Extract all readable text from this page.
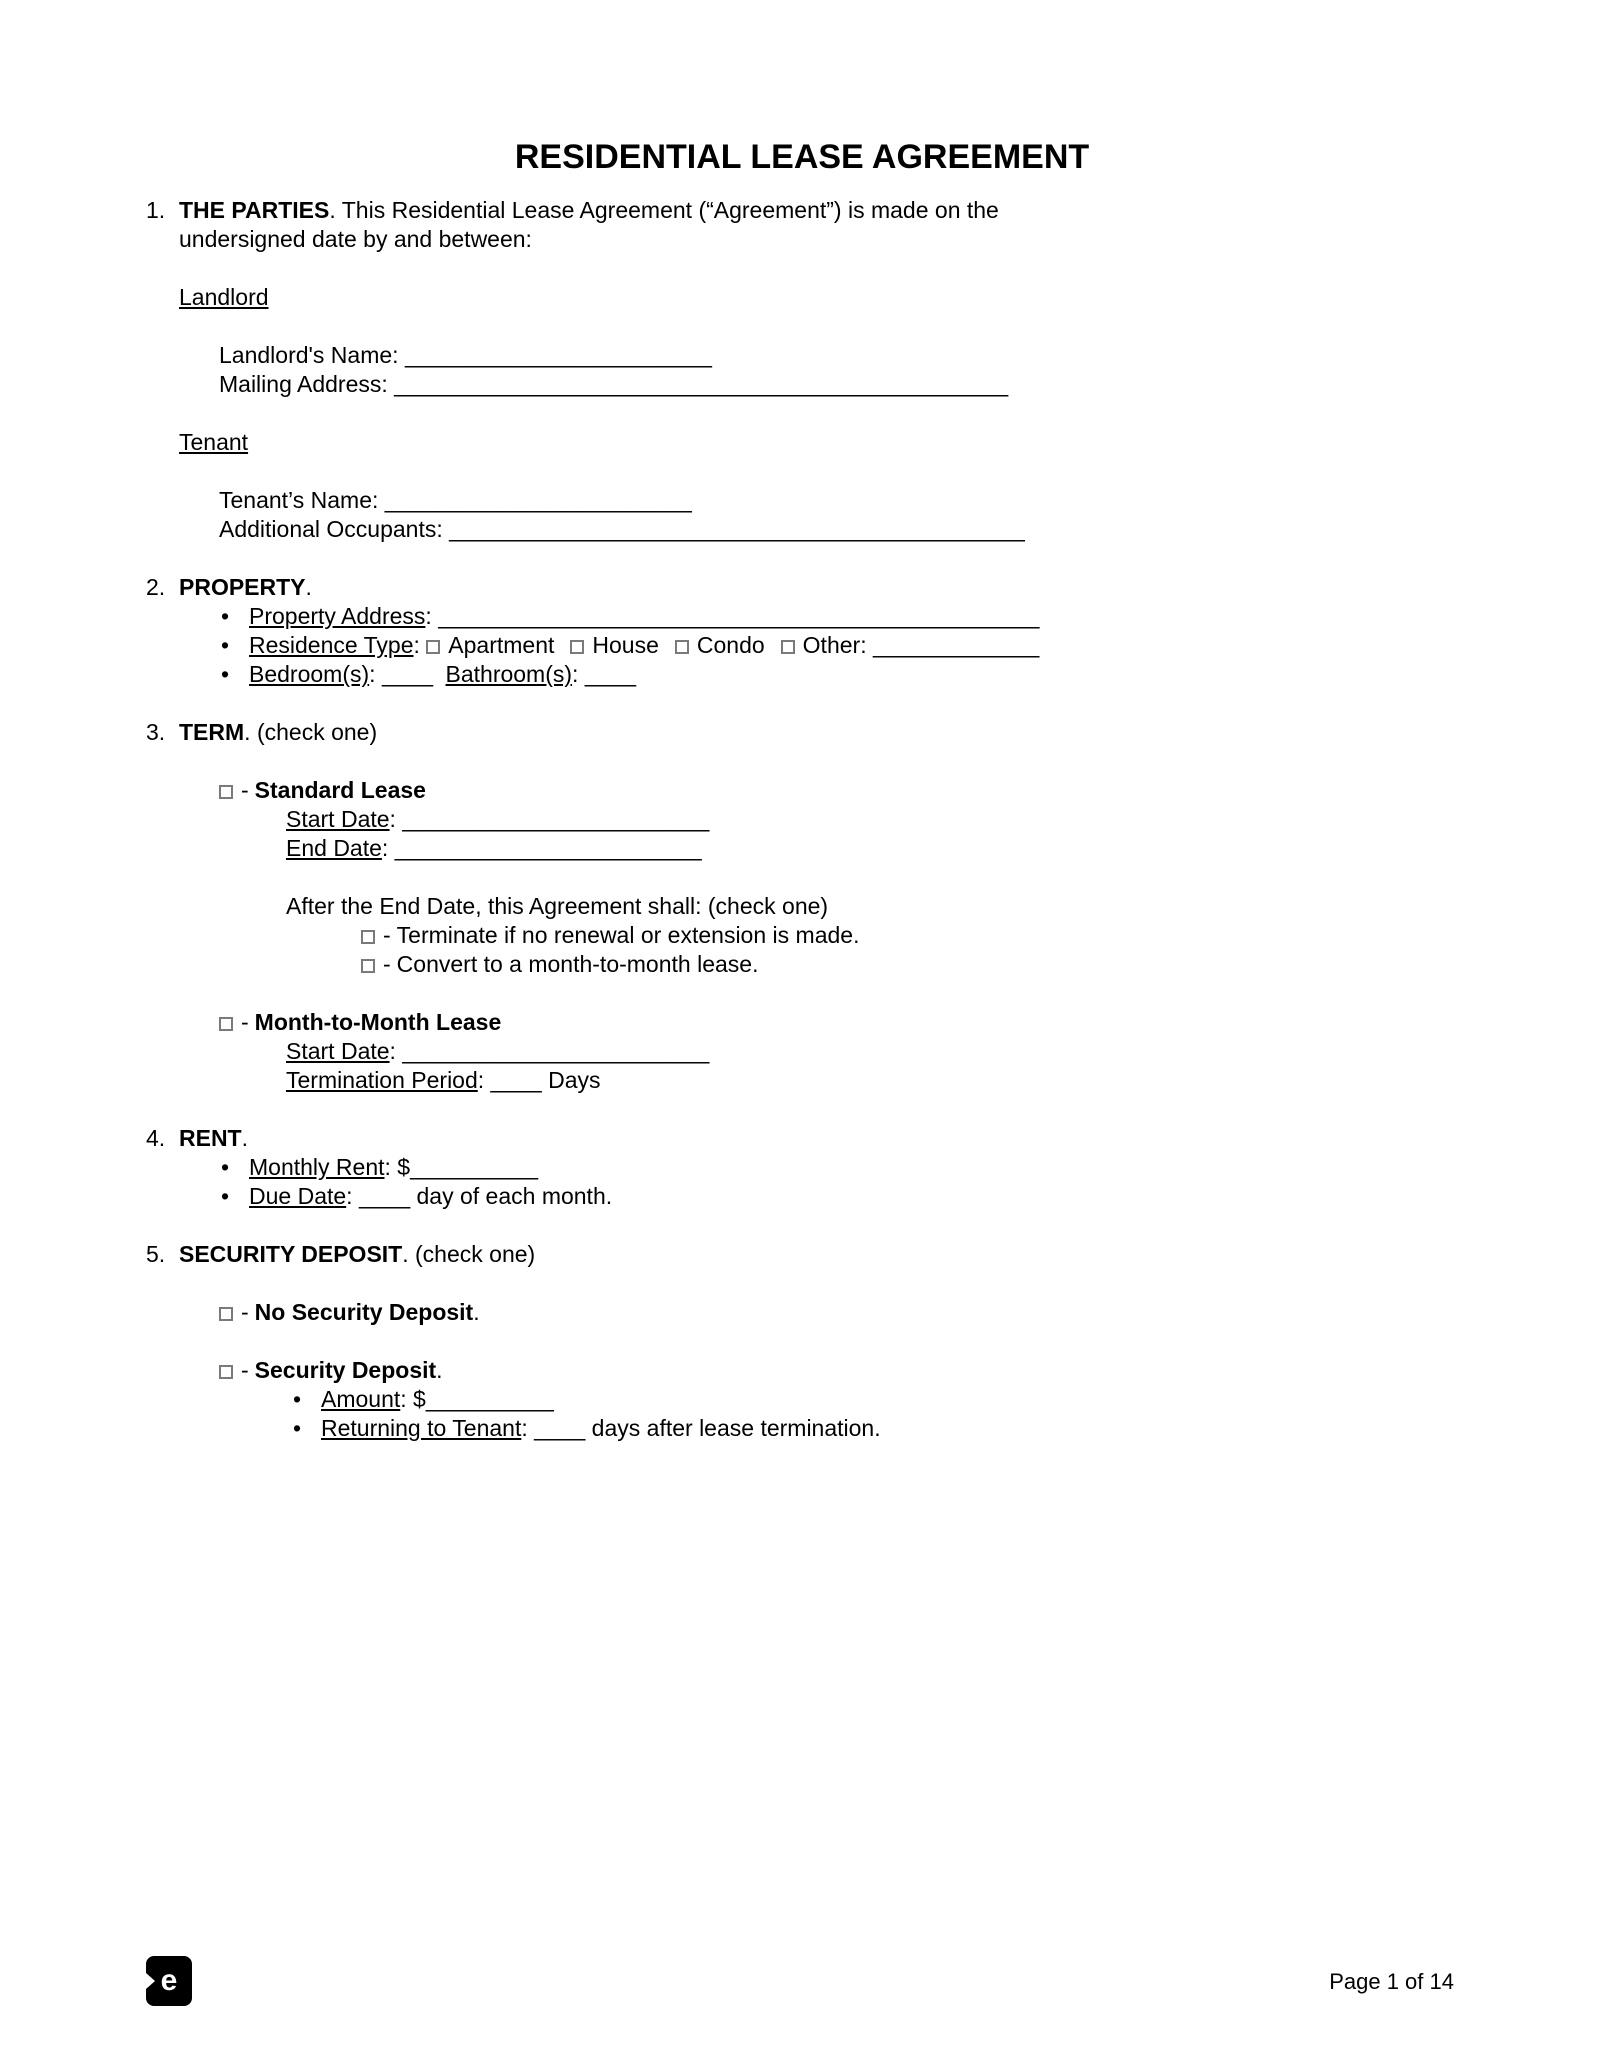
RESIDENTIAL LEASE AGREEMENT
1. THE PARTIES. This Residential Lease Agreement (“Agreement”) is made on the undersigned date by and between:

Landlord
Landlord's Name: ________________________
Mailing Address: ________________________________________________
Tenant
Tenant’s Name: ________________________
Additional Occupants: _____________________________________________
2. PROPERTY.
• Property Address: _______________________________________________
• Residence Type: Apartment House Condo Other: _____________
• Bedroom(s): ____ Bathroom(s): ____
3. TERM. (check one)
- Standard Lease
Start Date: ________________________
End Date: ________________________
After the End Date, this Agreement shall: (check one)
- Terminate if no renewal or extension is made.
- Convert to a month-to-month lease.
- Month-to-Month Lease
Start Date: ________________________
Termination Period: ____ Days
4. RENT.
• Monthly Rent: $__________
• Due Date: ____ day of each month.
5. SECURITY DEPOSIT. (check one)
- No Security Deposit.
- Security Deposit.
• Amount: $__________
• Returning to Tenant: ____ days after lease termination.
e	Page 1 of 14
